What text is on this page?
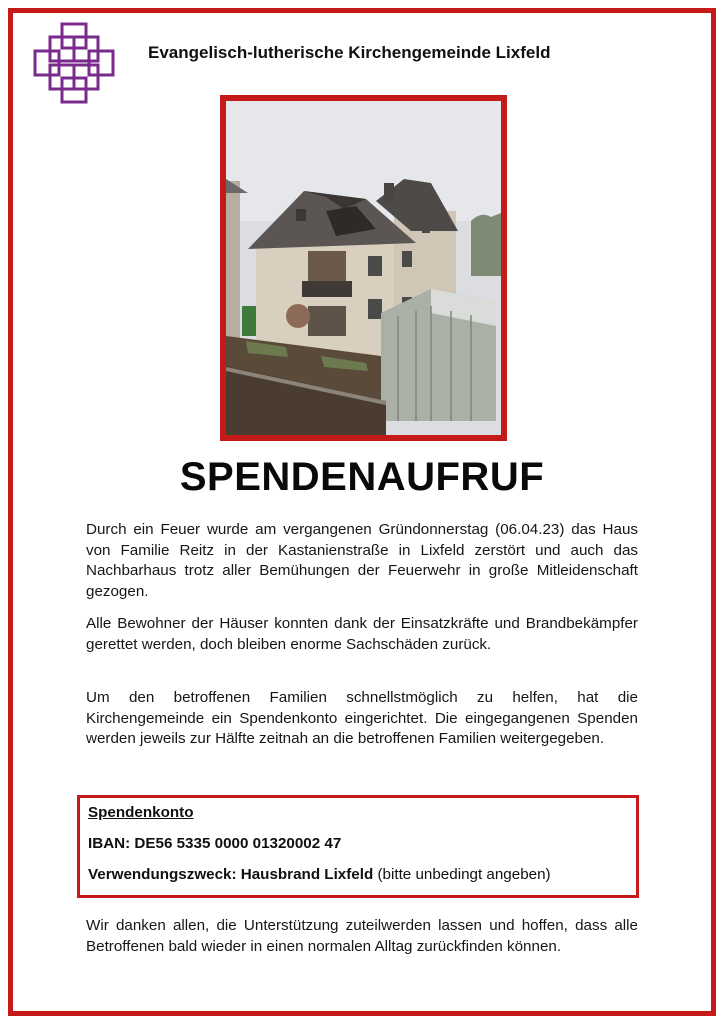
Evangelisch-lutherische Kirchengemeinde Lixfeld
SPENDENAUFRUF

Durch ein Feuer wurde am vergangenen Gründonnerstag (06.04.23) das Haus von Familie Reitz in der Kastanienstraße in Lixfeld zerstört und auch das Nachbarhaus trotz aller Bemühungen der Feuerwehr in große Mitleidenschaft gezogen.

Alle Bewohner der Häuser konnten dank der Einsatzkräfte und Brandbekämpfer gerettet werden, doch bleiben enorme Sachschäden zurück.

Um den betroffenen Familien schnellstmöglich zu helfen, hat die Kirchengemeinde ein Spendenkonto eingerichtet. Die eingegangenen Spenden werden jeweils zur Hälfte zeitnah an die betroffenen Familien weitergegeben.

Spendenkonto
IBAN: DE56 5335 0000 01320002 47
Verwendungszweck: Hausbrand Lixfeld (bitte unbedingt angeben)

Wir danken allen, die Unterstützung zuteilwerden lassen und hoffen, dass alle Betroffenen bald wieder in einen normalen Alltag zurückfinden können.
